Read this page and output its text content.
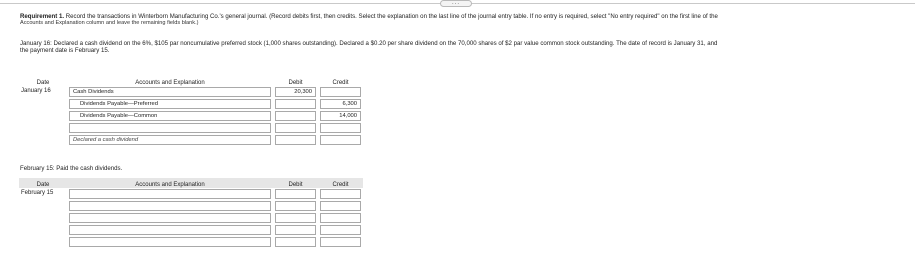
...
Requirement 1. Record the transactions in Winterborn Manufacturing Co.'s general journal. (Record debits first, then credits. Select the explanation on the last line of the journal entry table. If no entry is required, select "No entry required" on the first line of the
Accounts and Explanation column and leave the remaining fields blank.)
January 16: Declared a cash dividend on the 6%, $105 par noncumulative preferred stock (1,000 shares outstanding). Declared a $0.20 per share dividend on the 70,000 shares of $2 par value common stock outstanding. The date of record is January 31, and
the payment date is February 15.
Date	Accounts and Explanation	Debit	Credit
January 16	Cash Dividends	20,300	

	Dividends Payable—Preferred		6,300

	Dividends Payable—Common		14,000

	Declared a cash dividend		

February 15: Paid the cash dividends.
Date	Accounts and Explanation	Debit	Credit
February 15	
